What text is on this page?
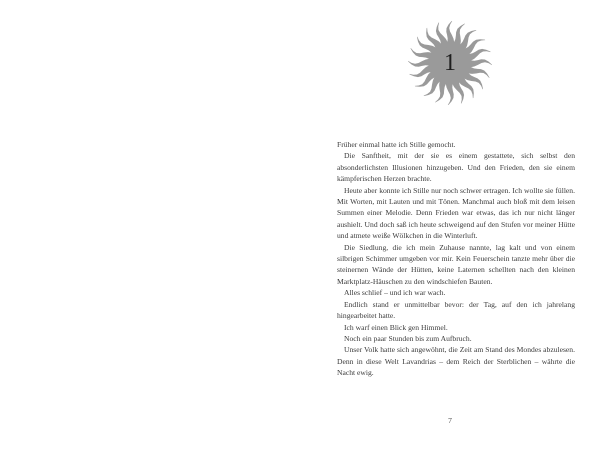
1

Früher einmal hatte ich Stille gemocht.

Die Sanftheit, mit der sie es einem gestattete, sich selbst den absonderlichsten Illusionen hinzugeben. Und den Frieden, den sie einem kämpferischen Herzen brachte.

Heute aber konnte ich Stille nur noch schwer ertragen. Ich wollte sie füllen. Mit Worten, mit Lauten und mit Tönen. Manchmal auch bloß mit dem leisen Summen einer Melodie. Denn Frieden war etwas, das ich nur nicht länger aushielt. Und doch saß ich heute schweigend auf den Stufen vor meiner Hütte und atmete weiße Wölkchen in die Winterluft.

Die Siedlung, die ich mein Zuhause nannte, lag kalt und von einem silbrigen Schimmer umgeben vor mir. Kein Feuerschein tanzte mehr über die steinernen Wände der Hütten, keine Laternen schellten nach den kleinen Marktplatz-Häuschen zu den windschiefen Bauten.

Alles schlief – und ich war wach.

Endlich stand er unmittelbar bevor: der Tag, auf den ich jahrelang hingearbeitet hatte.

Ich warf einen Blick gen Himmel.

Noch ein paar Stunden bis zum Aufbruch.

Unser Volk hatte sich angewöhnt, die Zeit am Stand des Mondes abzulesen. Denn in diese Welt Lavandrias – dem Reich der Sterblichen – währte die Nacht ewig.

7
